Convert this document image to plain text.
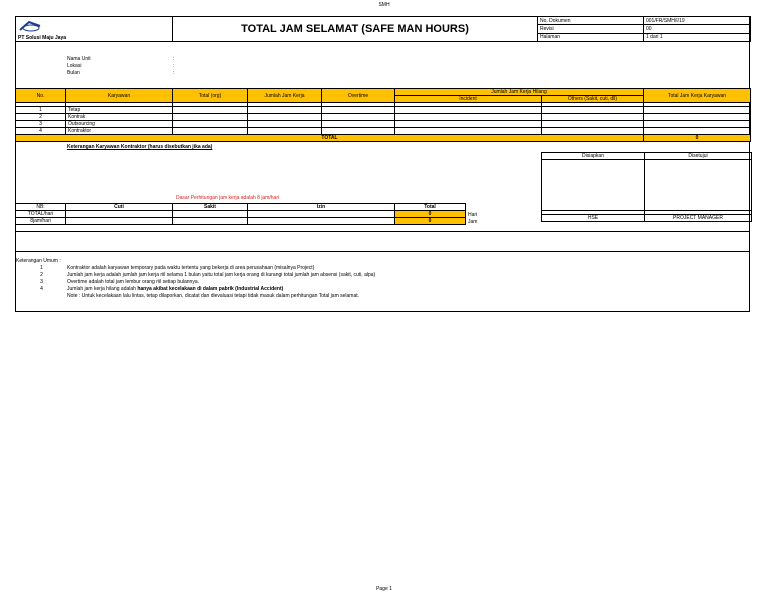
SMH
PT Solusi Maju Jaya	TOTAL JAM SELAMAT (SAFE MAN HOURS)	No. Dokumen	001/FR/SMH/I/19
		Revisi	00
		Halaman	1 dari 1
Nama Unit	:
Lokasi	:
Bulan	:
No.	Karyawan	Total (org)	Jumlah Jam Kerja	Overtime	Jumlah Jam Kerja Hilang		Total Jam Kerja Karyawan
					Incident	Others (Sakit, cuti, dll)	

1	Tetap						
2	Kontrak						
3	Outsourcing						
4	Kontraktor						
TOTAL							0
Keterangan Karyawan Kontraktor (harus disebutkan jika ada)
Disiapkan	Disetujui

HSE	PROJECT MANAGER
Dasar Perhitungan jam kerja adalah 8 jam/hari
NB:	Cuti	Sakit	Izin	Total
TOTAL/hari				0
8jam/hari				0
Hari
Jam
Keterangan Umum :
1	Kontraktor adalah karyawan temporary pada waktu tertentu yang bekerja di area perusahaan (misalnya Project)
2	Jumlah jam kerja adalah jumlah jam kerja riil selama 1 bulan yaitu total jam kerja orang di kurangi total jumlah jam absensi (sakit, cuti, alpa)
3	Overtime adalah total jam lembur orang riil setiap bulannya.
4	Jumlah jam kerja hilang adalah hanya akibat kecelakaan di dalam pabrik (Industrial Accident)
Note : Untuk kecelakaan lalu lintas, tetap dilaporkan, dicatat dan dievaluasi tetapi tidak masuk dalam perhitungan Total jam selamat.
Page 1
